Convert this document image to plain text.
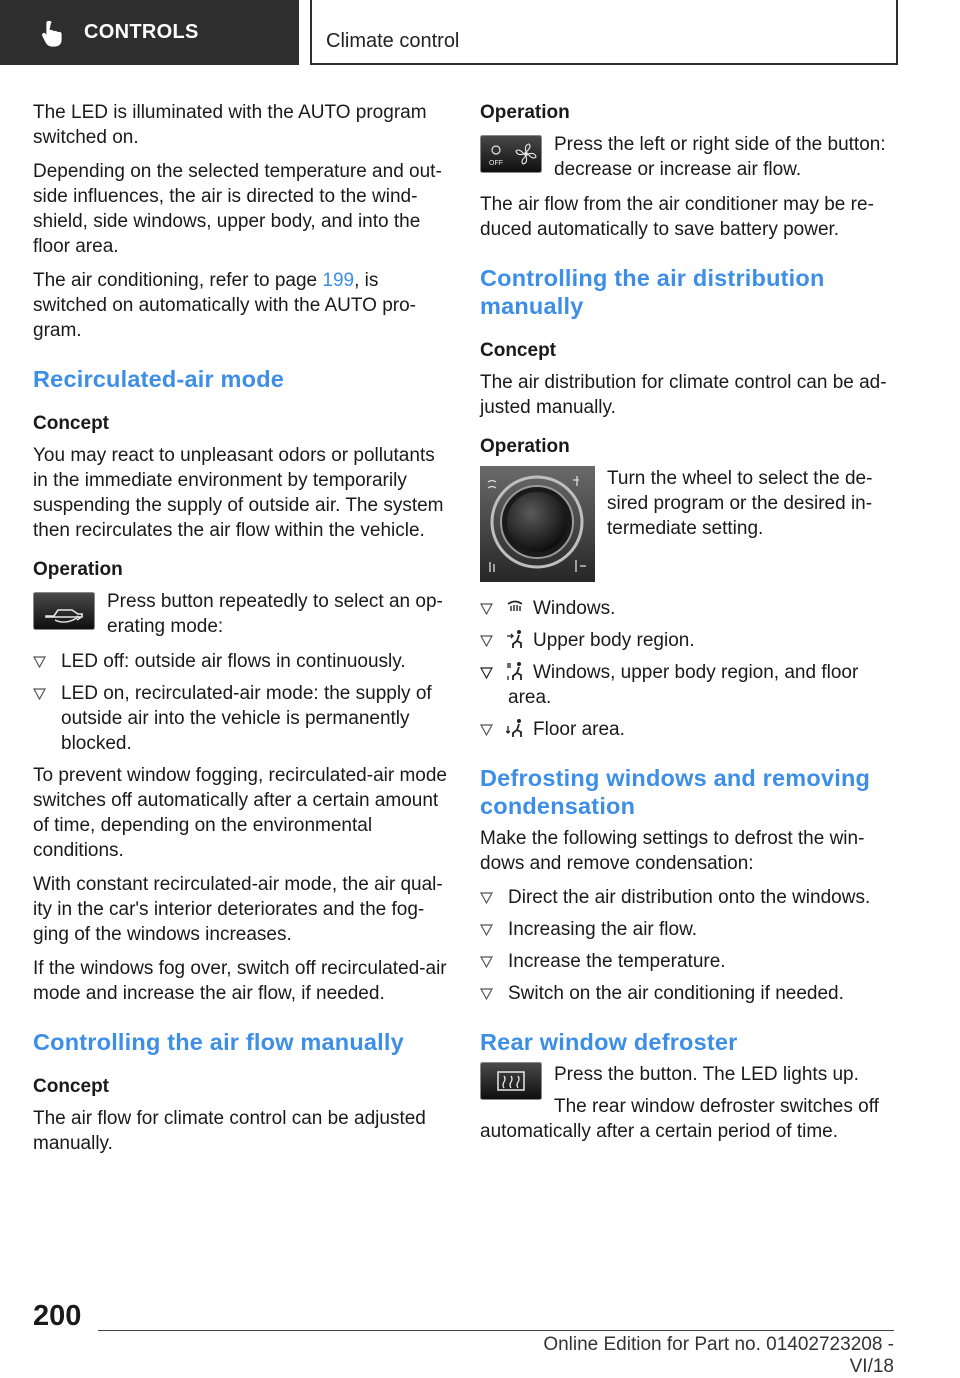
CONTROLS	Climate control

The LED is illuminated with the AUTO program switched on.

Depending on the selected temperature and outside influences, the air is directed to the windshield, side windows, upper body, and into the floor area.

The air conditioning, refer to page 199, is switched on automatically with the AUTO program.

Recirculated-air mode
Concept

You may react to unpleasant odors or pollutants in the immediate environment by temporarily suspending the supply of outside air. The system then recirculates the air flow within the vehicle.

Operation

Press button repeatedly to select an operating mode:

LED off: outside air flows in continuously.
LED on, recirculated-air mode: the supply of outside air into the vehicle is permanently blocked.

To prevent window fogging, recirculated-air mode switches off automatically after a certain amount of time, depending on the environmental conditions.

With constant recirculated-air mode, the air quality in the car's interior deteriorates and the fogging of the windows increases.

If the windows fog over, switch off recirculated-air mode and increase the air flow, if needed.

Controlling the air flow manually
Concept

The air flow for climate control can be adjusted manually.

Operation
OFF

Press the left or right side of the button: decrease or increase air flow.

The air flow from the air conditioner may be reduced automatically to save battery power.

Controlling the air distribution manually
Concept

The air distribution for climate control can be adjusted manually.

Operation

Turn the wheel to select the desired program or the desired intermediate setting.

Windows.
Upper body region.
Windows, upper body region, and floor area.
Floor area.
Defrosting windows and removing condensation

Make the following settings to defrost the windows and remove condensation:

Direct the air distribution onto the windows.
Increasing the air flow.
Increase the temperature.
Switch on the air conditioning if needed.
Rear window defroster

Press the button. The LED lights up.

The rear window defroster switches off automatically after a certain period of time.

200
Online Edition for Part no. 01402723208 - VI/18
